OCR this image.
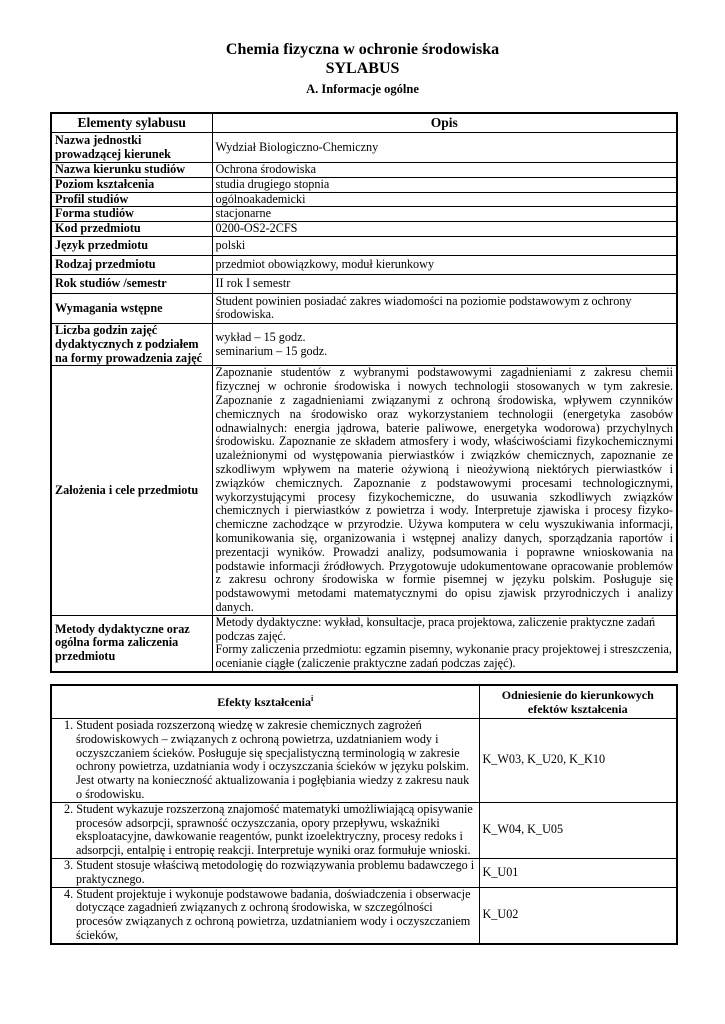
Chemia fizyczna w ochronie środowiska
SYLABUS
A. Informacje ogólne
Elementy sylabusu	Opis
Nazwa jednostki prowadzącej kierunek	Wydział Biologiczno-Chemiczny
Nazwa kierunku studiów	Ochrona środowiska
Poziom kształcenia	studia drugiego stopnia
Profil studiów	ogólnoakademicki
Forma studiów	stacjonarne
Kod przedmiotu	0200-OS2-2CFS
Język przedmiotu	polski
Rodzaj przedmiotu	przedmiot obowiązkowy, moduł kierunkowy
Rok studiów /semestr	II rok I semestr
Wymagania wstępne	Student powinien posiadać zakres wiadomości na poziomie podstawowym z ochrony środowiska.
Liczba godzin zajęć dydaktycznych z podziałem na formy prowadzenia zajęć	wykład – 15 godz.
seminarium – 15 godz.

Założenia i cele przedmiotu	Zapoznanie studentów z wybranymi podstawowymi zagadnieniami z zakresu chemii fizycznej w ochronie środowiska i nowych technologii stosowanych w tym zakresie. Zapoznanie z zagadnieniami związanymi z ochroną środowiska, wpływem czynników chemicznych na środowisko oraz wykorzystaniem technologii (energetyka zasobów odnawialnych: energia jądrowa, baterie paliwowe, energetyka wodorowa) przychylnych środowisku. Zapoznanie ze składem atmosfery i wody, właściwościami fizykochemicznymi uzależnionymi od występowania pierwiastków i związków chemicznych, zapoznanie ze szkodliwym wpływem na materie ożywioną i nieożywioną niektórych pierwiastków i związków chemicznych. Zapoznanie z podstawowymi procesami technologicznymi, wykorzystującymi procesy fizykochemiczne, do usuwania szkodliwych związków chemicznych i pierwiastków z powietrza i wody. Interpretuje zjawiska i procesy fizyko-chemiczne zachodzące w przyrodzie. Używa komputera w celu wyszukiwania informacji, komunikowania się, organizowania i wstępnej analizy danych, sporządzania raportów i prezentacji wyników. Prowadzi analizy, podsumowania i poprawne wnioskowania na podstawie informacji źródłowych. Przygotowuje udokumentowane opracowanie problemów z zakresu ochrony środowiska w formie pisemnej w języku polskim. Posługuje się podstawowymi metodami matematycznymi do opisu zjawisk przyrodniczych i analizy danych.
Metody dydaktyczne oraz ogólna forma zaliczenia przedmiotu	Metody dydaktyczne: wykład, konsultacje, praca projektowa, zaliczenie praktyczne zadań podczas zajęć.
Formy zaliczenia przedmiotu: egzamin pisemny, wykonanie pracy projektowej i streszczenia, ocenianie ciągłe (zaliczenie praktyczne zadań podczas zajęć).
Efekty kształcenia$^i$	Odniesienie do kierunkowych efektów kształcenia

1. Student posiada rozszerzoną wiedzę w zakresie chemicznych zagrożeń środowiskowych – związanych z ochroną powietrza, uzdatnianiem wody i oczyszczaniem ścieków. Posługuje się specjalistyczną terminologią w zakresie ochrony powietrza, uzdatniania wody i oczyszczania ścieków w języku polskim. Jest otwarty na konieczność aktualizowania i pogłębiania wiedzy z zakresu nauk o środowisku.	K_W03, K_U20, K_K10

2. Student wykazuje rozszerzoną znajomość matematyki umożliwiającą opisywanie procesów adsorpcji, sprawność oczyszczania, opory przepływu, wskaźniki eksploatacyjne, dawkowanie reagentów, punkt izoelektryczny, procesy redoks i adsorpcji, entalpię i entropię reakcji. Interpretuje wyniki oraz formułuje wnioski.	K_W04, K_U05

3. Student stosuje właściwą metodologię do rozwiązywania problemu badawczego i praktycznego.	K_U01

4. Student projektuje i wykonuje podstawowe badania, doświadczenia i obserwacje dotyczące zagadnień związanych z ochroną środowiska, w szczególności procesów związanych z ochroną powietrza, uzdatnianiem wody i oczyszczaniem ścieków,	K_U02
